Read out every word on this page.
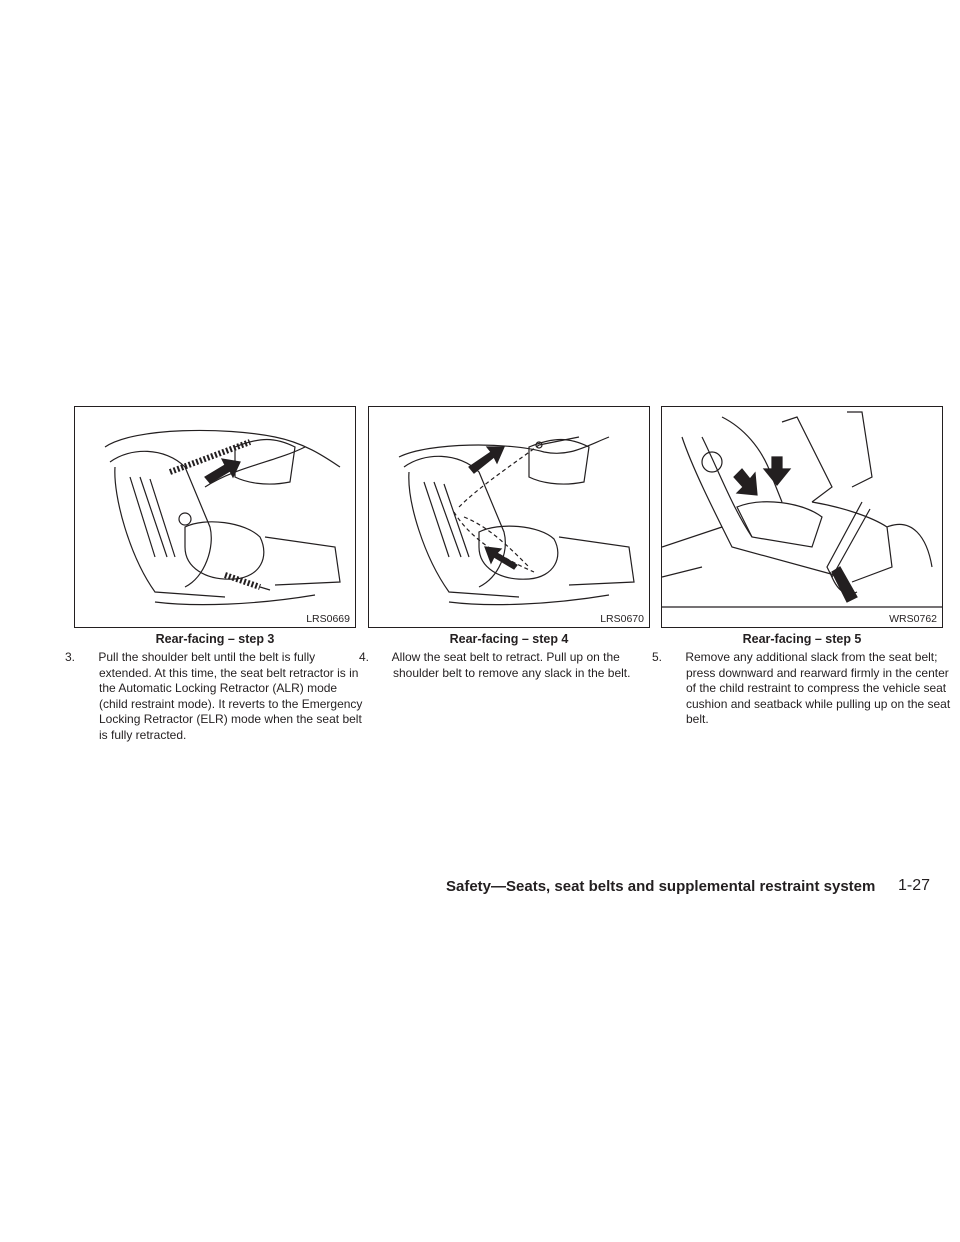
LRS0669
Rear-facing – step 3

3. Pull the shoulder belt until the belt is fully extended. At this time, the seat belt retractor is in the Automatic Locking Retractor (ALR) mode (child restraint mode). It reverts to the Emergency Locking Retractor (ELR) mode when the seat belt is fully retracted.

LRS0670
Rear-facing – step 4

4. Allow the seat belt to retract. Pull up on the shoulder belt to remove any slack in the belt.

WRS0762
Rear-facing – step 5

5. Remove any additional slack from the seat belt; press downward and rearward firmly in the center of the child restraint to compress the vehicle seat cushion and seatback while pulling up on the seat belt.

Safety—Seats, seat belts and supplemental restraint system 1-27
